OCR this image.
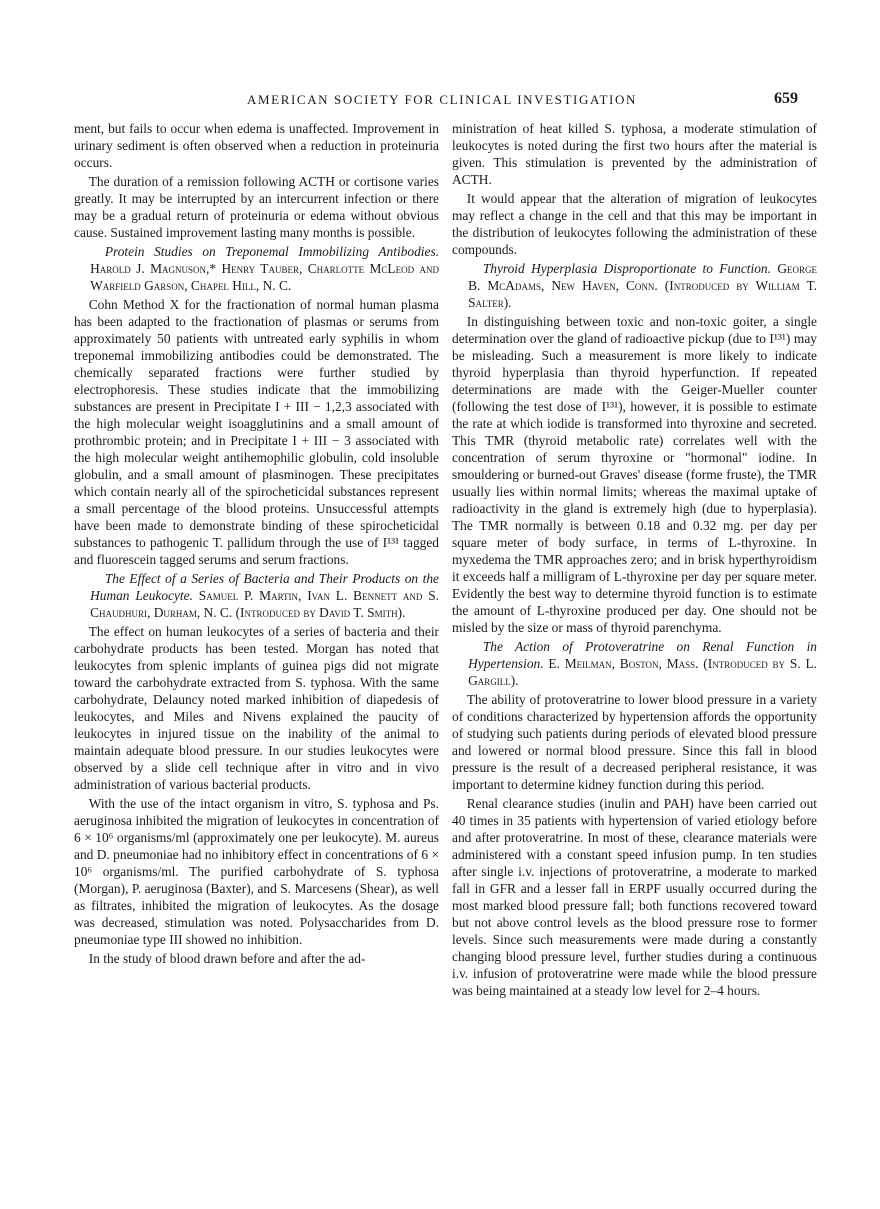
AMERICAN SOCIETY FOR CLINICAL INVESTIGATION	659

ment, but fails to occur when edema is unaffected. Improvement in urinary sediment is often observed when a reduction in proteinuria occurs.

The duration of a remission following ACTH or cortisone varies greatly. It may be interrupted by an intercurrent infection or there may be a gradual return of proteinuria or edema without obvious cause. Sustained improvement lasting many months is possible.

Protein Studies on Treponemal Immobilizing Antibodies. Harold J. Magnuson,* Henry Tauber, Charlotte McLeod and Warfield Garson, Chapel Hill, N. C.

Cohn Method X for the fractionation of normal human plasma has been adapted to the fractionation of plasmas or serums from approximately 50 patients with untreated early syphilis in whom treponemal immobilizing antibodies could be demonstrated. The chemically separated fractions were further studied by electrophoresis. These studies indicate that the immobilizing substances are present in Precipitate I + III − 1,2,3 associated with the high molecular weight isoagglutinins and a small amount of prothrombic protein; and in Precipitate I + III − 3 associated with the high molecular weight antihemophilic globulin, cold insoluble globulin, and a small amount of plasminogen. These precipitates which contain nearly all of the spirocheticidal substances represent a small percentage of the blood proteins. Unsuccessful attempts have been made to demonstrate binding of these spirocheticidal substances to pathogenic T. pallidum through the use of I¹³¹ tagged and fluorescein tagged serums and serum fractions.

The Effect of a Series of Bacteria and Their Products on the Human Leukocyte. Samuel P. Martin, Ivan L. Bennett and S. Chaudhuri, Durham, N. C. (Introduced by David T. Smith).

The effect on human leukocytes of a series of bacteria and their carbohydrate products has been tested. Morgan has noted that leukocytes from splenic implants of guinea pigs did not migrate toward the carbohydrate extracted from S. typhosa. With the same carbohydrate, Delauncy noted marked inhibition of diapedesis of leukocytes, and Miles and Nivens explained the paucity of leukocytes in injured tissue on the inability of the animal to maintain adequate blood pressure. In our studies leukocytes were observed by a slide cell technique after in vitro and in vivo administration of various bacterial products.

With the use of the intact organism in vitro, S. typhosa and Ps. aeruginosa inhibited the migration of leukocytes in concentration of 6 × 10⁶ organisms/ml (approximately one per leukocyte). M. aureus and D. pneumoniae had no inhibitory effect in concentrations of 6 × 10⁶ organisms/ml. The purified carbohydrate of S. typhosa (Morgan), P. aeruginosa (Baxter), and S. Marcesens (Shear), as well as filtrates, inhibited the migration of leukocytes. As the dosage was decreased, stimulation was noted. Polysaccharides from D. pneumoniae type III showed no inhibition.

In the study of blood drawn before and after the ad-

ministration of heat killed S. typhosa, a moderate stimulation of leukocytes is noted during the first two hours after the material is given. This stimulation is prevented by the administration of ACTH.

It would appear that the alteration of migration of leukocytes may reflect a change in the cell and that this may be important in the distribution of leukocytes following the administration of these compounds.

Thyroid Hyperplasia Disproportionate to Function. George B. McAdams, New Haven, Conn. (Introduced by William T. Salter).

In distinguishing between toxic and non-toxic goiter, a single determination over the gland of radioactive pickup (due to I¹³¹) may be misleading. Such a measurement is more likely to indicate thyroid hyperplasia than thyroid hyperfunction. If repeated determinations are made with the Geiger-Mueller counter (following the test dose of I¹³¹), however, it is possible to estimate the rate at which iodide is transformed into thyroxine and secreted. This TMR (thyroid metabolic rate) correlates well with the concentration of serum thyroxine or "hormonal" iodine. In smouldering or burned-out Graves' disease (forme fruste), the TMR usually lies within normal limits; whereas the maximal uptake of radioactivity in the gland is extremely high (due to hyperplasia). The TMR normally is between 0.18 and 0.32 mg. per day per square meter of body surface, in terms of L-thyroxine. In myxedema the TMR approaches zero; and in brisk hyperthyroidism it exceeds half a milligram of L-thyroxine per day per square meter. Evidently the best way to determine thyroid function is to estimate the amount of L-thyroxine produced per day. One should not be misled by the size or mass of thyroid parenchyma.

The Action of Protoveratrine on Renal Function in Hypertension. E. Meilman, Boston, Mass. (Introduced by S. L. Gargill).

The ability of protoveratrine to lower blood pressure in a variety of conditions characterized by hypertension affords the opportunity of studying such patients during periods of elevated blood pressure and lowered or normal blood pressure. Since this fall in blood pressure is the result of a decreased peripheral resistance, it was important to determine kidney function during this period.

Renal clearance studies (inulin and PAH) have been carried out 40 times in 35 patients with hypertension of varied etiology before and after protoveratrine. In most of these, clearance materials were administered with a constant speed infusion pump. In ten studies after single i.v. injections of protoveratrine, a moderate to marked fall in GFR and a lesser fall in ERPF usually occurred during the most marked blood pressure fall; both functions recovered toward but not above control levels as the blood pressure rose to former levels. Since such measurements were made during a constantly changing blood pressure level, further studies during a continuous i.v. infusion of protoveratrine were made while the blood pressure was being maintained at a steady low level for 2–4 hours.
